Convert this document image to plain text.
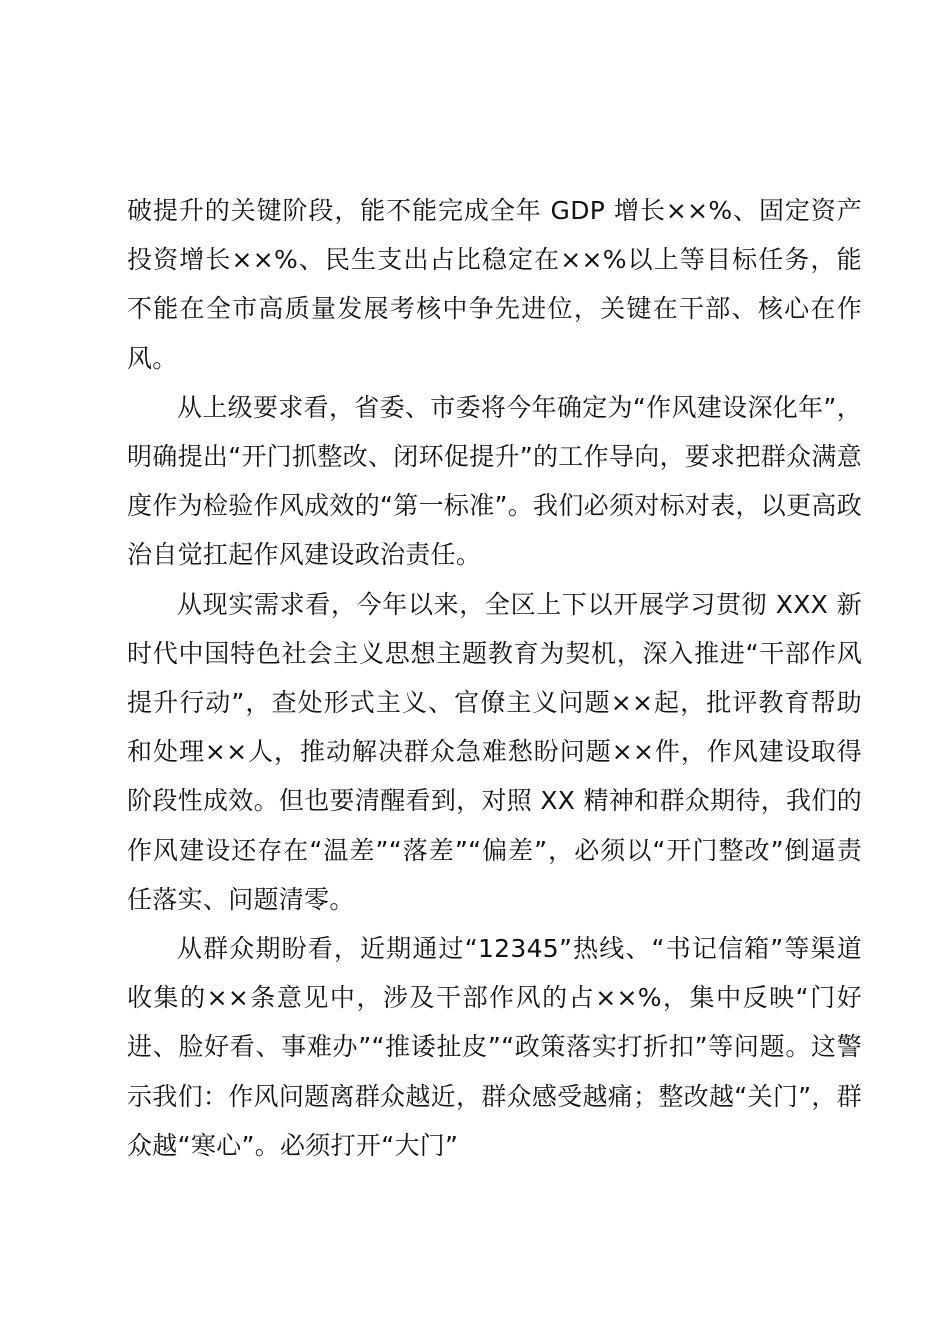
破提升的关键阶段，能不能完成全年 GDP 增长××%、固定资产投资增长××%、民生支出占比稳定在××%以上等目标任务，能不能在全市高质量发展考核中争先进位，关键在干部、核心在作风。

从上级要求看，省委、市委将今年确定为“作风建设深化年”，明确提出“开门抓整改、闭环促提升”的工作导向，要求把群众满意度作为检验作风成效的“第一标准”。我们必须对标对表，以更高政治自觉扛起作风建设政治责任。

从现实需求看，今年以来，全区上下以开展学习贯彻 XXX 新时代中国特色社会主义思想主题教育为契机，深入推进“干部作风提升行动”，查处形式主义、官僚主义问题××起，批评教育帮助和处理××人，推动解决群众急难愁盼问题××件，作风建设取得阶段性成效。但也要清醒看到，对照 XX 精神和群众期待，我们的作风建设还存在“温差”“落差”“偏差”，必须以“开门整改”倒逼责任落实、问题清零。

从群众期盼看，近期通过“12345”热线、“书记信箱”等渠道收集的××条意见中，涉及干部作风的占××%，集中反映“门好进、脸好看、事难办”“推诿扯皮”“政策落实打折扣”等问题。这警示我们：作风问题离群众越近，群众感受越痛；整改越“关门”，群众越“寒心”。必须打开“大门”
